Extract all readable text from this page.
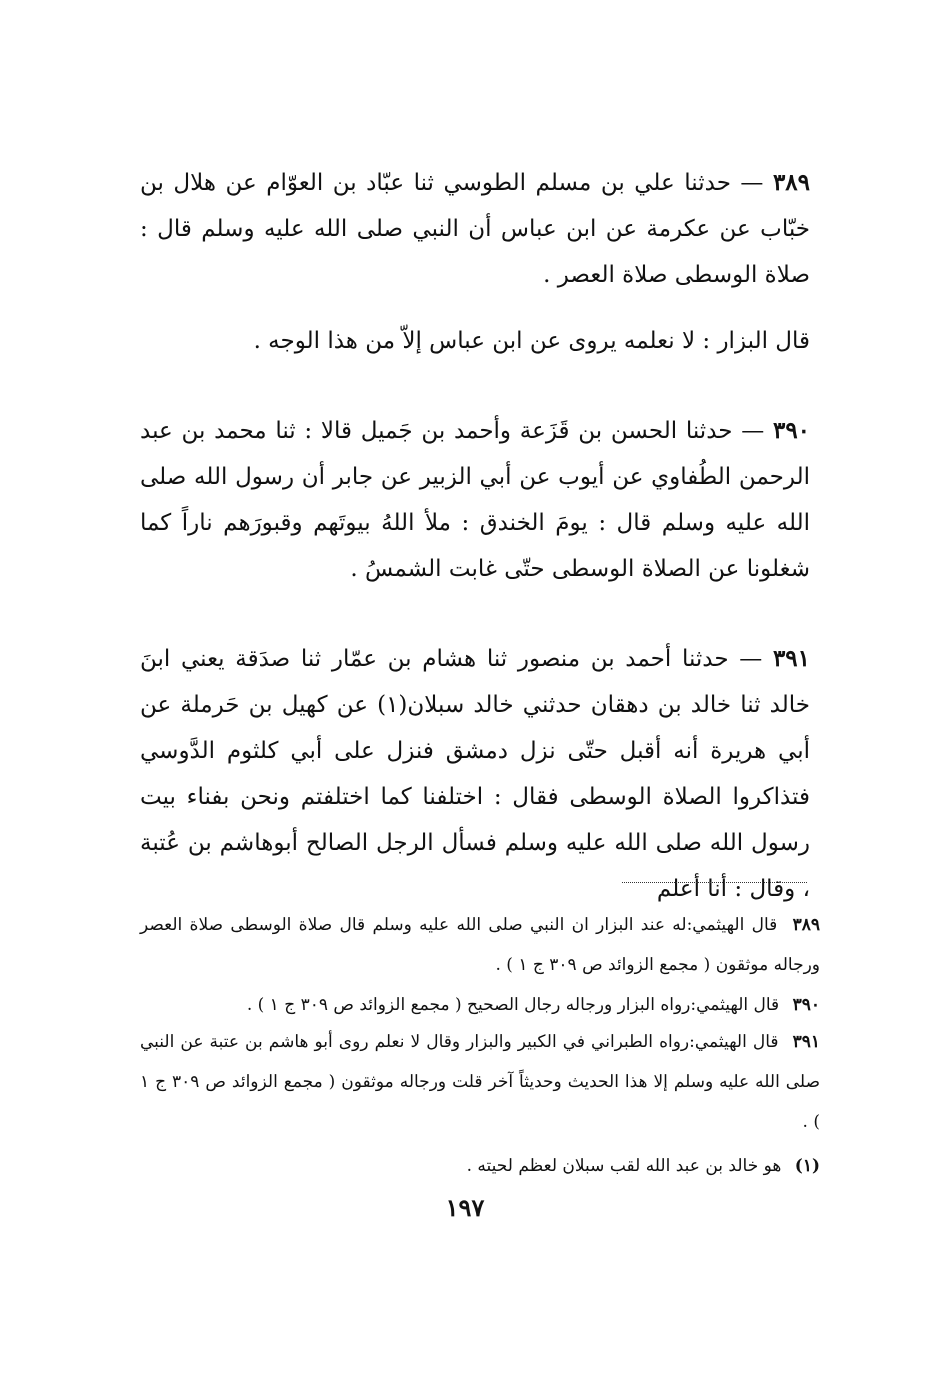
٣٨٩ — حدثنا علي بن مسلم الطوسي ثنا عبّاد بن العوّام عن هلال بن خبّاب عن عكرمة عن ابن عباس أن النبي صلى الله عليه وسلم قال : صلاة الوسطى صلاة العصر .
قال البزار : لا نعلمه يروى عن ابن عباس إلاّ من هذا الوجه .
٣٩٠ — حدثنا الحسن بن قَزَعة وأحمد بن جَميل قالا : ثنا محمد بن عبد الرحمن الطُفاوي عن أيوب عن أبي الزبير عن جابر أن رسول الله صلى الله عليه وسلم قال : يومَ الخندق : ملأ اللهُ بيوتَهم وقبورَهم ناراً كما شغلونا عن الصلاة الوسطى حتّى غابت الشمسُ .
٣٩١ — حدثنا أحمد بن منصور ثنا هشام بن عمّار ثنا صدَقة يعني ابنَ خالد ثنا خالد بن دهقان حدثني خالد سبلان(١) عن كهيل بن حَرملة عن أبي هريرة أنه أقبل حتّى نزل دمشق فنزل على أبي كلثوم الدَّوسي فتذاكروا الصلاة الوسطى فقال : اختلفنا كما اختلفتم ونحن بفناء بيت رسول الله صلى الله عليه وسلم فسأل الرجل الصالح أبوهاشم بن عُتبة ، وقال : أنا أعلم
٣٨٩ قال الهيثمي:له عند البزار ان النبي صلى الله عليه وسلم قال صلاة الوسطى صلاة العصر ورجاله موثقون ( مجمع الزوائد ص ٣٠٩ ج ١ ) .
٣٩٠ قال الهيثمي:رواه البزار ورجاله رجال الصحيح ( مجمع الزوائد ص ٣٠٩ ج ١ ) .
٣٩١ قال الهيثمي:رواه الطبراني في الكبير والبزار وقال لا نعلم روى أبو هاشم بن عتبة عن النبي صلى الله عليه وسلم إلا هذا الحديث وحديثاً آخر قلت ورجاله موثقون ( مجمع الزوائد ص ٣٠٩ ج ١ ) .
(١) هو خالد بن عبد الله لقب سبلان لعظم لحيته .
١٩٧
